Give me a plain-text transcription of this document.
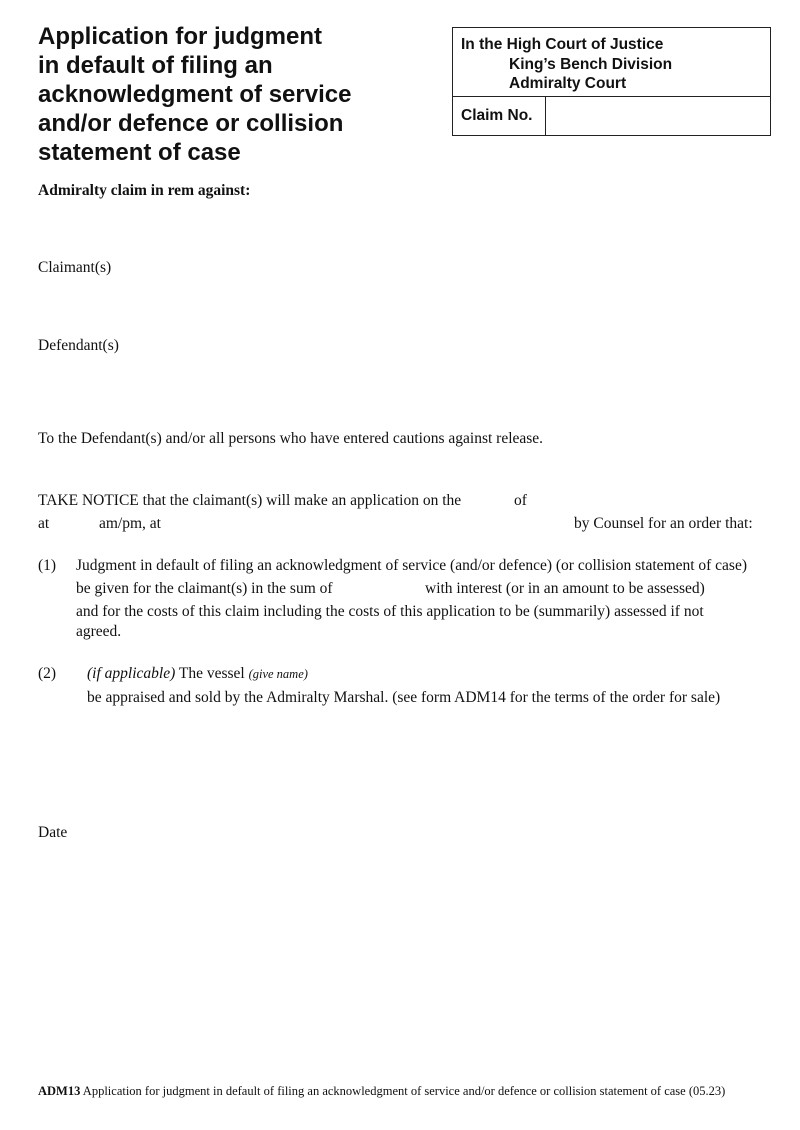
Application for judgment
in default of filing an
acknowledgment of service
and/or defence or collision
statement of case
In the High Court of Justice
King’s Bench Division
Admiralty Court
Claim No.
Admiralty claim in rem against:
Claimant(s)
Defendant(s)
To the Defendant(s) and/or all persons who have entered cautions against release.
TAKE NOTICE that the claimant(s) will make an application on the	of
at	am/pm, at	by Counsel for an order that:
(1) Judgment in default of filing an acknowledgment of service (and/or defence) (or collision statement of case)
be given for the claimant(s) in the sum of	with interest (or in an amount to be assessed)
and for the costs of this claim including the costs of this application to be (summarily) assessed if not
agreed.
(2) (if applicable) The vessel (give name)
be appraised and sold by the Admiralty Marshal. (see form ADM14 for the terms of the order for sale)
Date
ADM13 Application for judgment in default of filing an acknowledgment of service and/or defence or collision statement of case (05.23)
